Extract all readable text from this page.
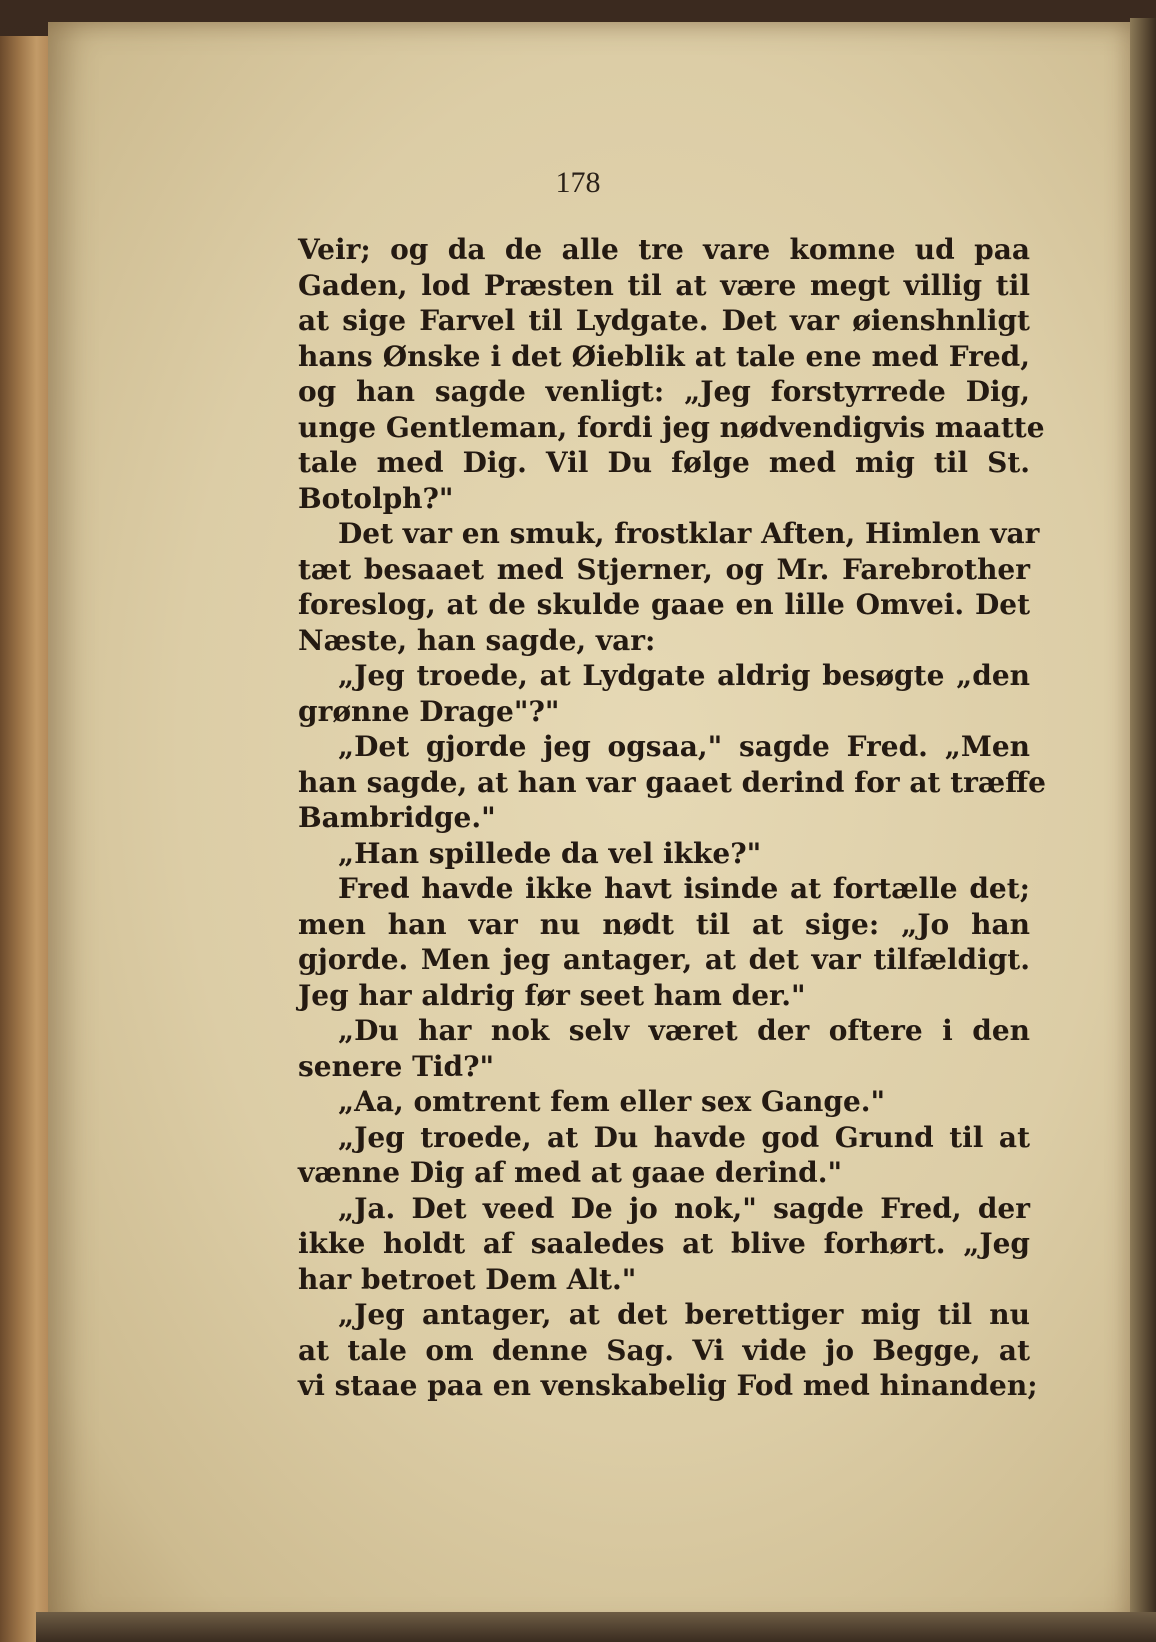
178
Veir; og da de alle tre vare komne ud paa
Gaden, lod Præsten til at være megt villig til
at sige Farvel til Lydgate. Det var øienshnligt
hans Ønske i det Øieblik at tale ene med Fred,
og han sagde venligt: „Jeg forstyrrede Dig,
unge Gentleman, fordi jeg nødvendigvis maatte
tale med Dig. Vil Du følge med mig til St.
Botolph?"
Det var en smuk, frostklar Aften, Himlen var
tæt besaaet med Stjerner, og Mr. Farebrother
foreslog, at de skulde gaae en lille Omvei. Det
Næste, han sagde, var:
„Jeg troede, at Lydgate aldrig besøgte „den
grønne Drage"?"
„Det gjorde jeg ogsaa," sagde Fred. „Men
han sagde, at han var gaaet derind for at træffe
Bambridge."
„Han spillede da vel ikke?"
Fred havde ikke havt isinde at fortælle det;
men han var nu nødt til at sige: „Jo han
gjorde. Men jeg antager, at det var tilfældigt.
Jeg har aldrig før seet ham der."
„Du har nok selv været der oftere i den
senere Tid?"
„Aa, omtrent fem eller sex Gange."
„Jeg troede, at Du havde god Grund til at
vænne Dig af med at gaae derind."
„Ja. Det veed De jo nok," sagde Fred, der
ikke holdt af saaledes at blive forhørt. „Jeg
har betroet Dem Alt."
„Jeg antager, at det berettiger mig til nu
at tale om denne Sag. Vi vide jo Begge, at
vi staae paa en venskabelig Fod med hinanden;
